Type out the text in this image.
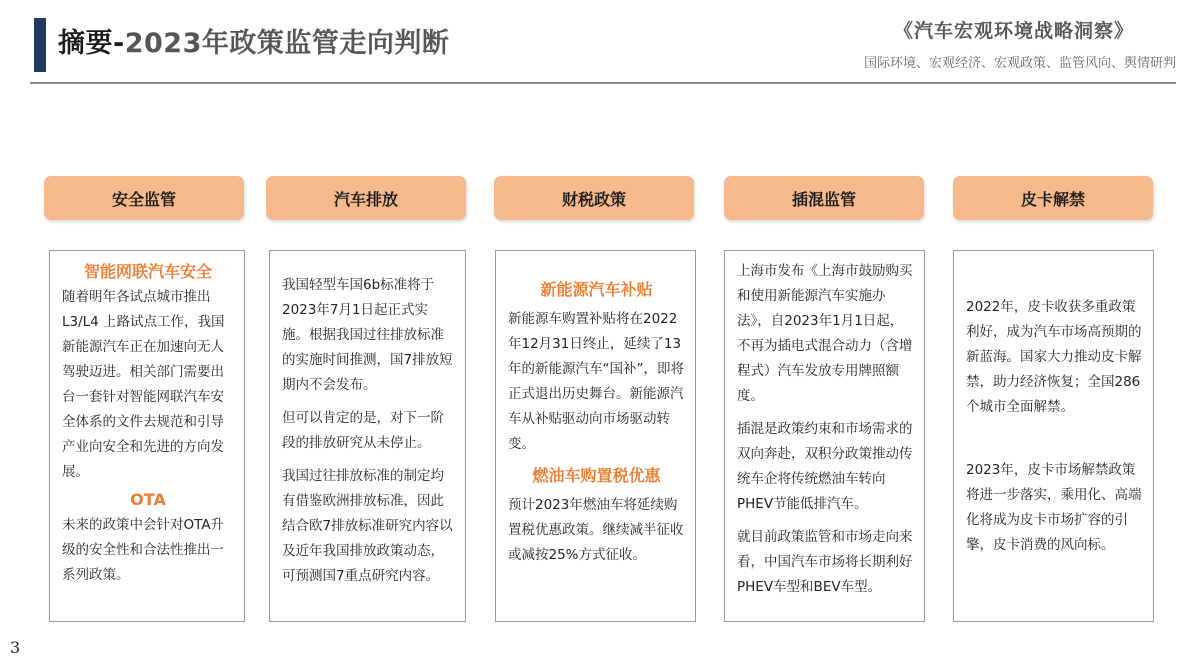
摘要-2023年政策监管走向判断	《汽车宏观环境战略洞察》
国际环境、宏观经济、宏观政策、监管风向、舆情研判
安全监管	汽车排放	财税政策	插混监管	皮卡解禁

智能网联汽车安全

随着明年各试点城市推出L3/L4 上路试点工作，我国新能源汽车正在加速向无人驾驶迈进。相关部门需要出台一套针对智能网联汽车安全体系的文件去规范和引导产业向安全和先进的方向发展。

OTA

未来的政策中会针对OTA升级的安全性和合法性推出一系列政策。

我国轻型车国6b标准将于2023年7月1日起正式实施。根据我国过往排放标准的实施时间推测，国7排放短期内不会发布。

但可以肯定的是，对下一阶段的排放研究从未停止。

我国过往排放标准的制定均有借鉴欧洲排放标准，因此结合欧7排放标准研究内容以及近年我国排放政策动态，可预测国7重点研究内容。

新能源汽车补贴

新能源车购置补贴将在2022年12月31日终止，延续了13年的新能源汽车“国补”，即将正式退出历史舞台。新能源汽车从补贴驱动向市场驱动转变。

燃油车购置税优惠

预计2023年燃油车将延续购置税优惠政策。继续减半征收或减按25%方式征收。

上海市发布《上海市鼓励购买和使用新能源汽车实施办法》，自2023年1月1日起，不再为插电式混合动力（含增程式）汽车发放专用牌照额度。

插混是政策约束和市场需求的双向奔赴，双积分政策推动传统车企将传统燃油车转向PHEV节能低排汽车。

就目前政策监管和市场走向来看，中国汽车市场将长期利好PHEV车型和BEV车型。

2022年，皮卡收获多重政策利好，成为汽车市场高预期的新蓝海。国家大力推动皮卡解禁，助力经济恢复；全国286个城市全面解禁。

2023年，皮卡市场解禁政策将进一步落实，乘用化、高端化将成为皮卡市场扩容的引擎，皮卡消费的风向标。

3
